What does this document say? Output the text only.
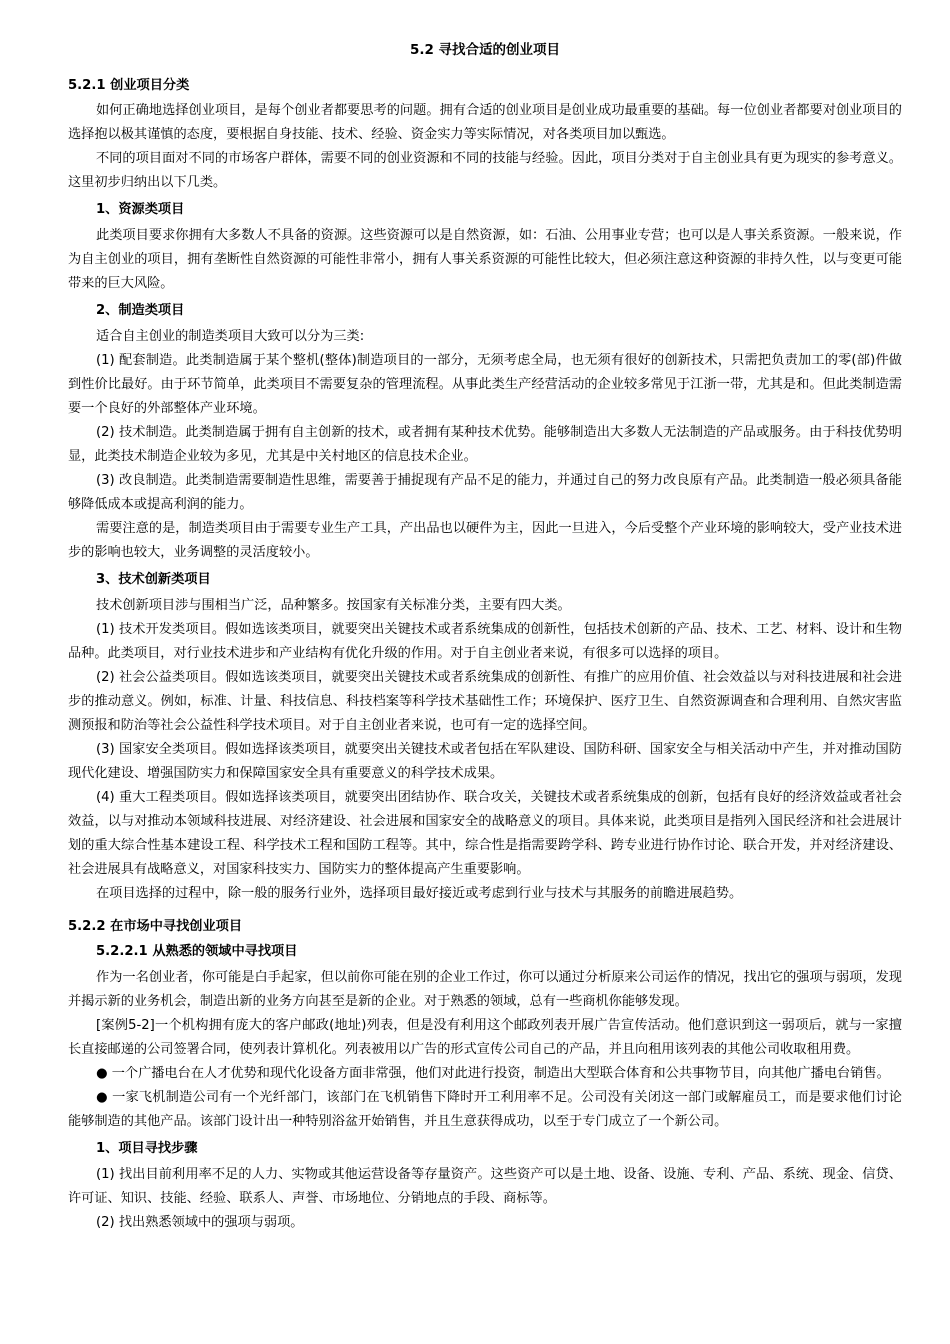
5.2 寻找合适的创业项目
5.2.1 创业项目分类

如何正确地选择创业项目，是每个创业者都要思考的问题。拥有合适的创业项目是创业成功最重要的基础。每一位创业者都要对创业项目的选择抱以极其谨慎的态度，要根据自身技能、技术、经验、资金实力等实际情况，对各类项目加以甄选。

不同的项目面对不同的市场客户群体，需要不同的创业资源和不同的技能与经验。因此，项目分类对于自主创业具有更为现实的参考意义。这里初步归纳出以下几类。

1、资源类项目

此类项目要求你拥有大多数人不具备的资源。这些资源可以是自然资源，如：石油、公用事业专营；也可以是人事关系资源。一般来说，作为自主创业的项目，拥有垄断性自然资源的可能性非常小，拥有人事关系资源的可能性比较大，但必须注意这种资源的非持久性，以与变更可能带来的巨大风险。

2、制造类项目

适合自主创业的制造类项目大致可以分为三类:

(1) 配套制造。此类制造属于某个整机(整体)制造项目的一部分，无须考虑全局，也无须有很好的创新技术，只需把负责加工的零(部)件做到性价比最好。由于环节简单，此类项目不需要复杂的管理流程。从事此类生产经营活动的企业较多常见于江浙一带，尤其是和。但此类制造需要一个良好的外部整体产业环境。

(2) 技术制造。此类制造属于拥有自主创新的技术，或者拥有某种技术优势。能够制造出大多数人无法制造的产品或服务。由于科技优势明显，此类技术制造企业较为多见，尤其是中关村地区的信息技术企业。

(3) 改良制造。此类制造需要制造性思维，需要善于捕捉现有产品不足的能力，并通过自己的努力改良原有产品。此类制造一般必须具备能够降低成本或提高利润的能力。

需要注意的是，制造类项目由于需要专业生产工具，产出品也以硬件为主，因此一旦进入，今后受整个产业环境的影响较大，受产业技术进步的影响也较大，业务调整的灵活度较小。

3、技术创新类项目

技术创新项目涉与围相当广泛，品种繁多。按国家有关标准分类，主要有四大类。

(1) 技术开发类项目。假如选该类项目，就要突出关键技术或者系统集成的创新性，包括技术创新的产品、技术、工艺、材料、设计和生物品种。此类项目，对行业技术进步和产业结构有优化升级的作用。对于自主创业者来说，有很多可以选择的项目。

(2) 社会公益类项目。假如选该类项目，就要突出关键技术或者系统集成的创新性、有推广的应用价值、社会效益以与对科技进展和社会进步的推动意义。例如，标准、计量、科技信息、科技档案等科学技术基础性工作；环境保护、医疗卫生、自然资源调查和合理利用、自然灾害监测预报和防治等社会公益性科学技术项目。对于自主创业者来说，也可有一定的选择空间。

(3) 国家安全类项目。假如选择该类项目，就要突出关键技术或者包括在军队建设、国防科研、国家安全与相关活动中产生，并对推动国防现代化建设、增强国防实力和保障国家安全具有重要意义的科学技术成果。

(4) 重大工程类项目。假如选择该类项目，就要突出团结协作、联合攻关，关键技术或者系统集成的创新，包括有良好的经济效益或者社会效益，以与对推动本领域科技进展、对经济建设、社会进展和国家安全的战略意义的项目。具体来说，此类项目是指列入国民经济和社会进展计划的重大综合性基本建设工程、科学技术工程和国防工程等。其中，综合性是指需要跨学科、跨专业进行协作讨论、联合开发，并对经济建设、社会进展具有战略意义，对国家科技实力、国防实力的整体提高产生重要影响。

在项目选择的过程中，除一般的服务行业外，选择项目最好接近或考虑到行业与技术与其服务的前瞻进展趋势。

5.2.2 在市场中寻找创业项目
5.2.2.1 从熟悉的领域中寻找项目

作为一名创业者，你可能是白手起家，但以前你可能在别的企业工作过，你可以通过分析原来公司运作的情况，找出它的强项与弱项，发现并揭示新的业务机会，制造出新的业务方向甚至是新的企业。对于熟悉的领域，总有一些商机你能够发现。

[案例5-2]一个机构拥有庞大的客户邮政(地址)列表，但是没有利用这个邮政列表开展广告宣传活动。他们意识到这一弱项后，就与一家擅长直接邮递的公司签署合同，使列表计算机化。列表被用以广告的形式宣传公司自己的产品，并且向租用该列表的其他公司收取租用费。

● 一个广播电台在人才优势和现代化设备方面非常强，他们对此进行投资，制造出大型联合体育和公共事物节目，向其他广播电台销售。

● 一家飞机制造公司有一个光纤部门，该部门在飞机销售下降时开工利用率不足。公司没有关闭这一部门或解雇员工，而是要求他们讨论能够制造的其他产品。该部门设计出一种特别浴盆开始销售，并且生意获得成功，以至于专门成立了一个新公司。

1、项目寻找步骤

(1) 找出目前利用率不足的人力、实物或其他运营设备等存量资产。这些资产可以是土地、设备、设施、专利、产品、系统、现金、信贷、许可证、知识、技能、经验、联系人、声誉、市场地位、分销地点的手段、商标等。

(2) 找出熟悉领域中的强项与弱项。
